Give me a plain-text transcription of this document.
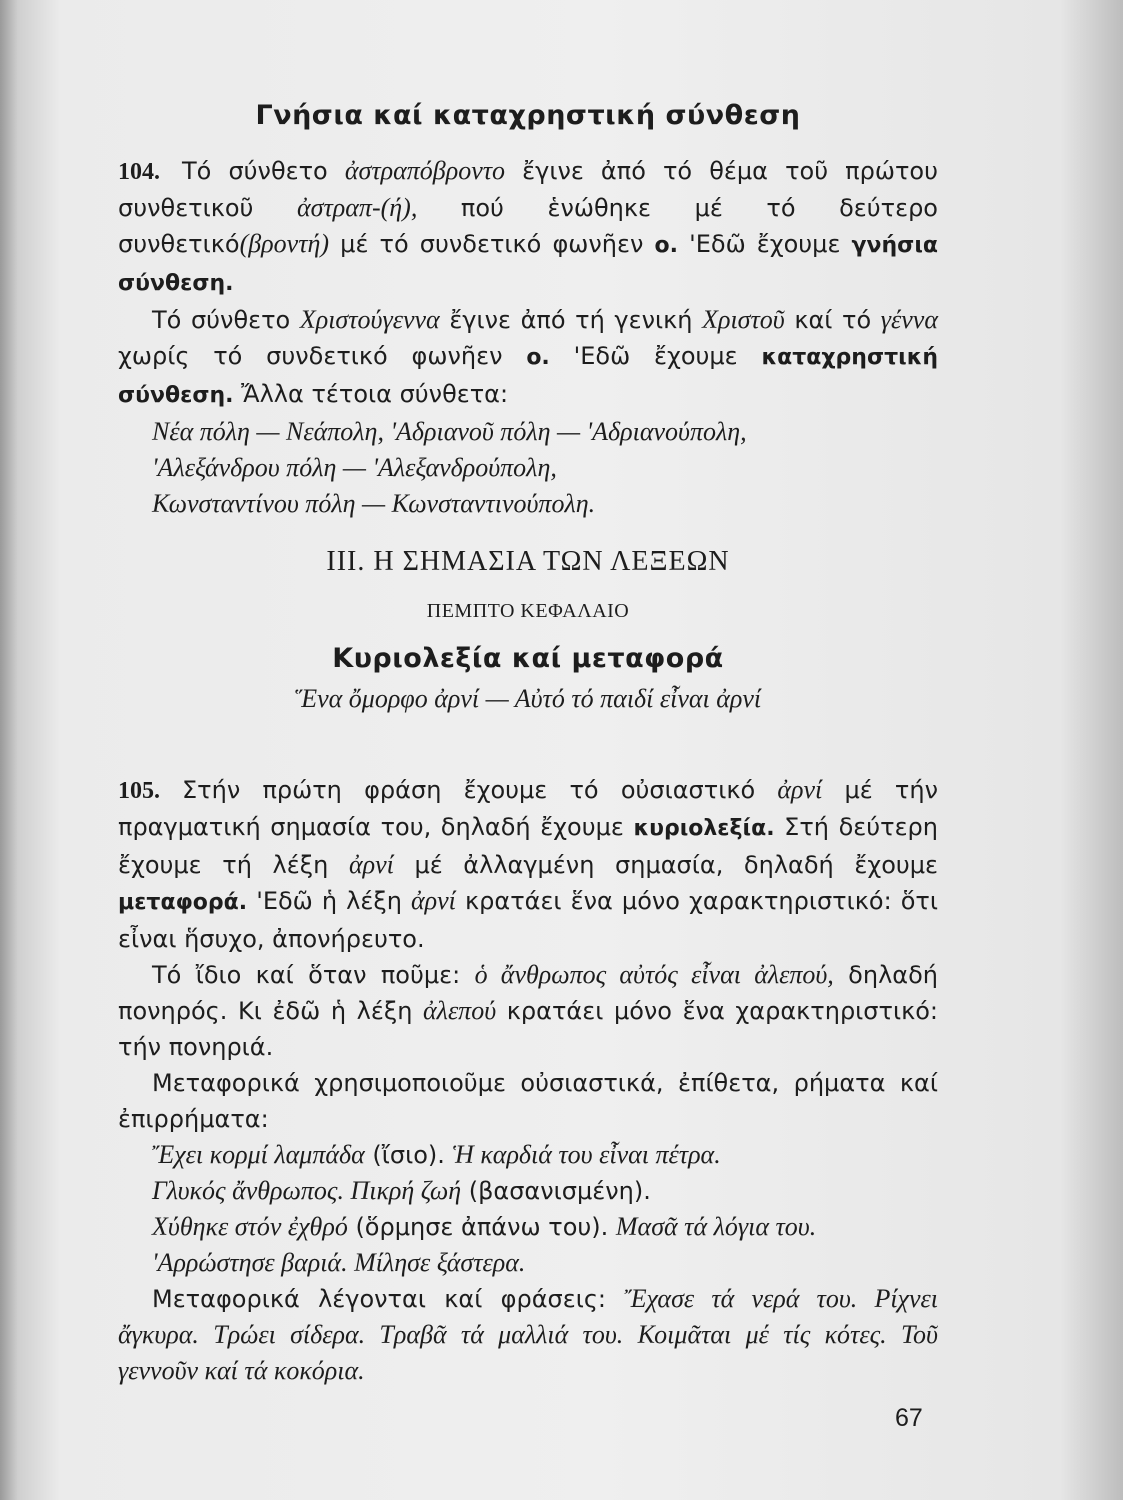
Γνήσια καί καταχρηστική σύνθεση

104. Τό σύνθετο ἀστραπόβροντο ἔγινε ἀπό τό θέμα τοῦ πρώτου συνθετικοῦ ἀστραπ-(ή), πού ἑνώθηκε μέ τό δεύτερο συνθετικό(βροντή) μέ τό συνδετικό φωνῆεν ο. 'Εδῶ ἔχουμε γνήσια σύνθεση.

Τό σύνθετο Χριστούγεννα ἔγινε ἀπό τή γενική Χριστοῦ καί τό γέννα χωρίς τό συνδετικό φωνῆεν ο. 'Εδῶ ἔχουμε καταχρηστική σύνθεση. Ἄλλα τέτοια σύνθετα:

Νέα πόλη — Νεάπολη, 'Αδριανοῦ πόλη — 'Αδριανούπολη,
'Αλεξάνδρου πόλη — 'Αλεξανδρούπολη,
Κωνσταντίνου πόλη — Κωνσταντινούπολη.
III. Η ΣΗΜΑΣΙΑ ΤΩΝ ΛΕΞΕΩΝ
ΠΕΜΠΤΟ ΚΕΦΑΛΑΙΟ
Κυριολεξία καί μεταφορά
Ἕνα ὄμορφο ἀρνί — Αὐτό τό παιδί εἶναι ἀρνί

105. Στήν πρώτη φράση ἔχουμε τό οὐσιαστικό ἀρνί μέ τήν πραγματική σημασία του, δηλαδή ἔχουμε κυριολεξία. Στή δεύτερη ἔχουμε τή λέξη ἀρνί μέ ἀλλαγμένη σημασία, δηλαδή ἔχουμε μεταφορά. 'Εδῶ ἡ λέξη ἀρνί κρατάει ἕνα μόνο χαρακτηριστικό: ὅτι εἶναι ἥσυχο, ἀπονήρευτο.

Τό ἴδιο καί ὅταν ποῦμε: ὁ ἄνθρωπος αὐτός εἶναι ἀλεπού, δηλαδή πονηρός. Κι ἐδῶ ἡ λέξη ἀλεπού κρατάει μόνο ἕνα χαρακτηριστικό: τήν πονηριά.

Μεταφορικά χρησιμοποιοῦμε οὐσιαστικά, ἐπίθετα, ρήματα καί ἐπιρρήματα:

Ἔχει κορμί λαμπάδα (ἴσιο). Ἡ καρδιά του εἶναι πέτρα.
Γλυκός ἄνθρωπος. Πικρή ζωή (βασανισμένη).
Χύθηκε στόν ἐχθρό (ὅρμησε ἀπάνω του). Μασᾶ τά λόγια του.
'Αρρώστησε βαριά. Μίλησε ξάστερα.

Μεταφορικά λέγονται καί φράσεις: Ἔχασε τά νερά του. Ρίχνει ἄγκυρα. Τρώει σίδερα. Τραβᾶ τά μαλλιά του. Κοιμᾶται μέ τίς κότες. Τοῦ γεννοῦν καί τά κοκόρια.

67
